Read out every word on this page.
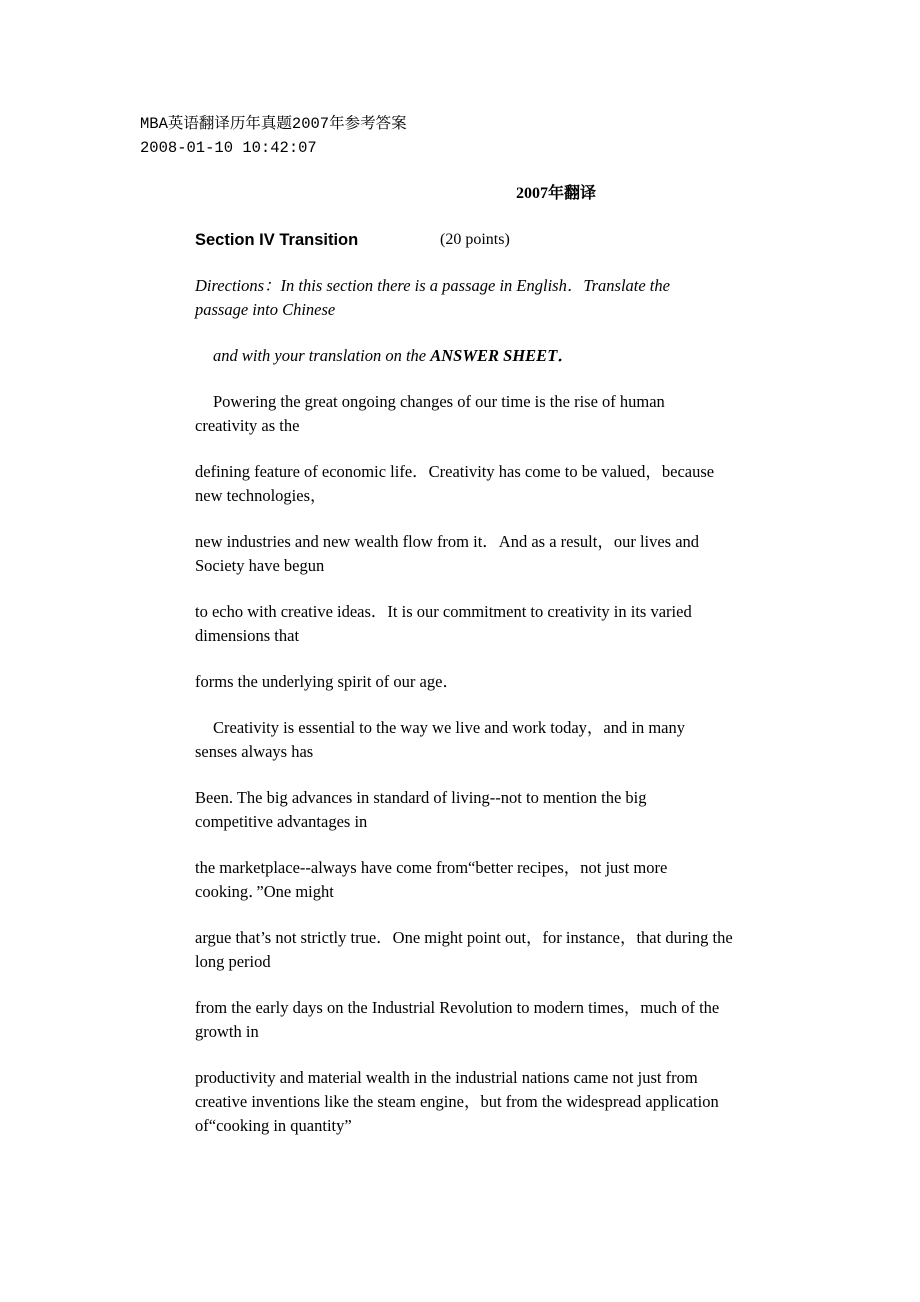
MBA英语翻译历年真题2007年参考答案
2008-01-10 10:42:07
2007年翻译
Section IV Transition	(20 points)

Directions：In this section there is a passage in English．Translate the

passage into Chinese

and with your translation on the ANSWER SHEET．

Powering the great ongoing changes of our time is the rise of human

creativity as the

defining feature of economic life．Creativity has come to be valued，because

new technologies，

new industries and new wealth flow from it．And as a result，our lives and

Society have begun

to echo with creative ideas．It is our commitment to creativity in its varied

dimensions that

forms the underlying spirit of our age．

Creativity is essential to the way we live and work today，and in many

senses always has

Been. The big advances in standard of living--not to mention the big

competitive advantages in

the marketplace--always have come from“better recipes，not just more

cooking．”One might

argue that’s not strictly true．One might point out，for instance，that during the

long period

from the early days on the Industrial Revolution to modern times，much of the

growth in

productivity and material wealth in the industrial nations came not just from

creative inventions like the steam engine，but from the widespread application

of“cooking in quantity”
